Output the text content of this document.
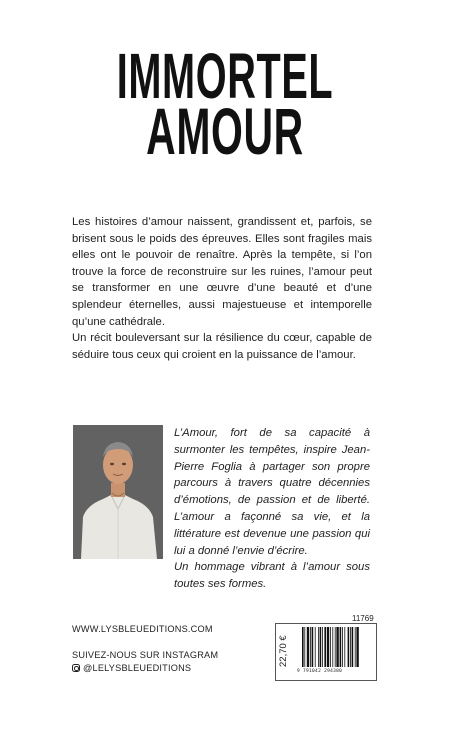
IMMORTEL
AMOUR

Les histoires d’amour naissent, grandissent et, parfois, se brisent sous le poids des épreuves. Elles sont fragiles mais elles ont le pouvoir de renaître. Après la tempête, si l’on trouve la force de reconstruire sur les ruines, l’amour peut se transformer en une œuvre d’une beauté et d’une splendeur éternelles, aussi majestueuse et intemporelle qu’une cathédrale.

Un récit bouleversant sur la résilience du cœur, capable de séduire tous ceux qui croient en la puissance de l’amour.

L’Amour, fort de sa capacité à surmonter les tempêtes, inspire Jean-Pierre Foglia à partager son propre parcours à travers quatre décennies d’émotions, de passion et de liberté. L’amour a façonné sa vie, et la littérature est devenue une passion qui lui a donné l’envie d’écrire.

Un hommage vibrant à l’amour sous toutes ses formes.

WWW.LYSBLEUEDITIONS.COM
SUIVEZ-NOUS SUR INSTAGRAM
@LELYSBLEUEDITIONS
11769
22,70 €
9 791042 294380
